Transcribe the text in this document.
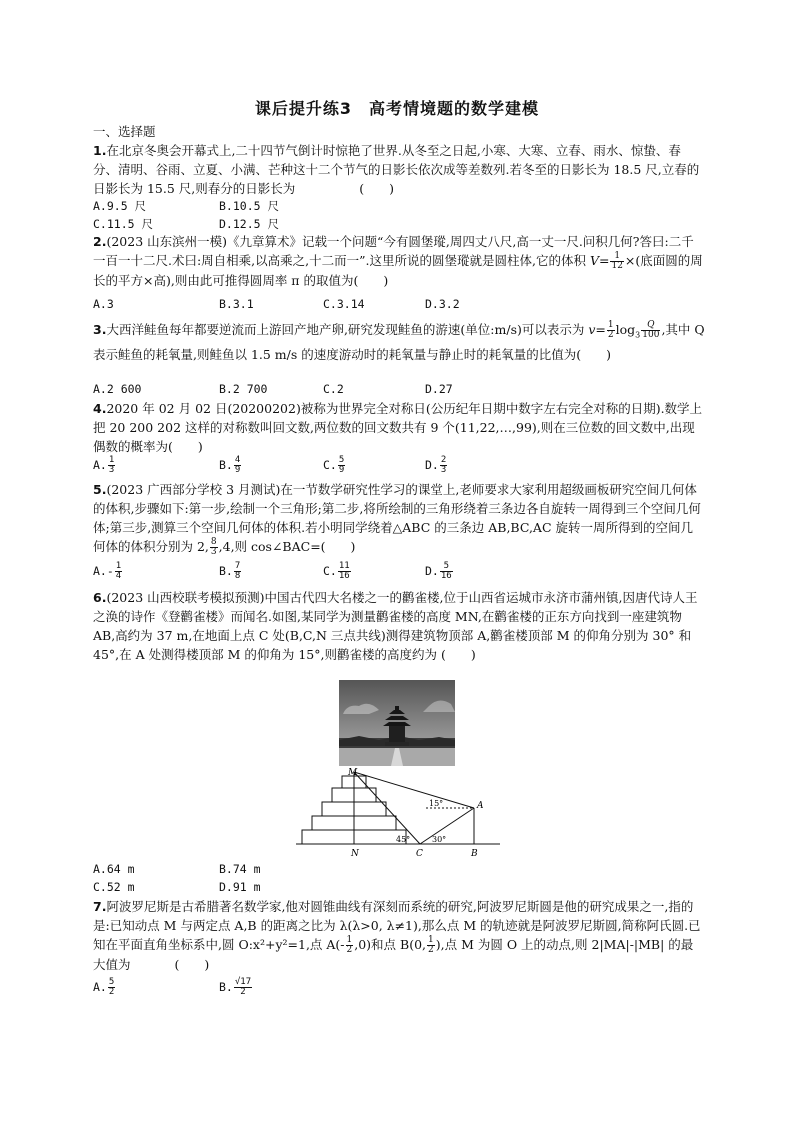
课后提升练3　高考情境题的数学建模
一、选择题
1.在北京冬奥会开幕式上,二十四节气倒计时惊艳了世界.从冬至之日起,小寒、大寒、立春、雨水、惊蛰、春分、清明、谷雨、立夏、小满、芒种这十二个节气的日影长依次成等差数列.若冬至的日影长为 18.5 尺,立春的日影长为 15.5 尺,则春分的日影长为	(　　)
A.9.5 尺	B.10.5 尺
C.11.5 尺	D.12.5 尺
2.(2023 山东滨州一模)《九章算术》记载一个问题“今有圆堡瑽,周四丈八尺,高一丈一尺.问积几何?答曰:二千一百一十二尺.术曰:周自相乘,以高乘之,十二而一”.这里所说的圆堡瑽就是圆柱体,它的体积 $V= \frac{1}{12}$ ×(底面圆的周长的平方×高),则由此可推得圆周率 π 的取值为(　　)
A.3	B.3.1	C.3.14	D.3.2
3.大西洋鲑鱼每年都要逆流而上游回产地产卵,研究发现鲑鱼的游速(单位:m/s)可以表示为 $v= \frac{1}{2} \log_3 \frac{Q}{100}$ ,其中 Q 表示鲑鱼的耗氧量,则鲑鱼以 1.5 m/s 的速度游动时的耗氧量与静止时的耗氧量的比值为(　　)
A.2 600	B.2 700	C.2	D.27
4.2020 年 02 月 02 日(20200202)被称为世界完全对称日(公历纪年日期中数字左右完全对称的日期).数学上把 20 200 202 这样的对称数叫回文数,两位数的回文数共有 9 个(11,22,…,99),则在三位数的回文数中,出现偶数的概率为(　　)
A. $\frac{1}{3}$	B. $\frac{4}{9}$	C. $\frac{5}{9}$	D. $\frac{2}{3}$
5.(2023 广西部分学校 3 月测试)在一节数学研究性学习的课堂上,老师要求大家利用超级画板研究空间几何体的体积,步骤如下:第一步,绘制一个三角形;第二步,将所绘制的三角形绕着三条边各自旋转一周得到三个空间几何体;第三步,测算三个空间几何体的体积.若小明同学绕着△ABC 的三条边 AB,BC,AC 旋转一周所得到的空间几何体的体积分别为 2, $\frac{8}{3} ,4$,则 cos∠BAC=(　　)
$A.- \frac{1}{4}$	B. $\frac{7}{8}$	C. $\frac{11}{16}$	D. $\frac{5}{16}$
6.(2023 山西校联考模拟预测)中国古代四大名楼之一的鹳雀楼,位于山西省运城市永济市蒲州镇,因唐代诗人王之涣的诗作《登鹳雀楼》而闻名.如图,某同学为测量鹳雀楼的高度 MN,在鹳雀楼的正东方向找到一座建筑物 AB,高约为 37 m,在地面上点 C 处(B,C,N 三点共线)测得建筑物顶部 A,鹳雀楼顶部 M 的仰角分别为 30° 和 45°,在 A 处测得楼顶部 M 的仰角为 15°,则鹳雀楼的高度约为 (　　)
M
A
N	C	B
15°
45°	30°
A.64 m	B.74 m
C.52 m	D.91 m
7.阿波罗尼斯是古希腊著名数学家,他对圆锥曲线有深刻而系统的研究,阿波罗尼斯圆是他的研究成果之一,指的是:已知动点 M 与两定点 A,B 的距离之比为 λ(λ>0, λ≠1),那么点 M 的轨迹就是阿波罗尼斯圆,简称阿氏圆.已知在平面直角坐标系中,圆 O:x²+y²=1,点 $A(- \frac{1}{2} ,0)$和点 B(0, $\frac{1}{2}$ ),点 M 为圆 O 上的动点,则 2|MA|-|MB| 的最大值为	(　　)
A. $\frac{5}{2}$	B. $\frac{√17}{2}$
